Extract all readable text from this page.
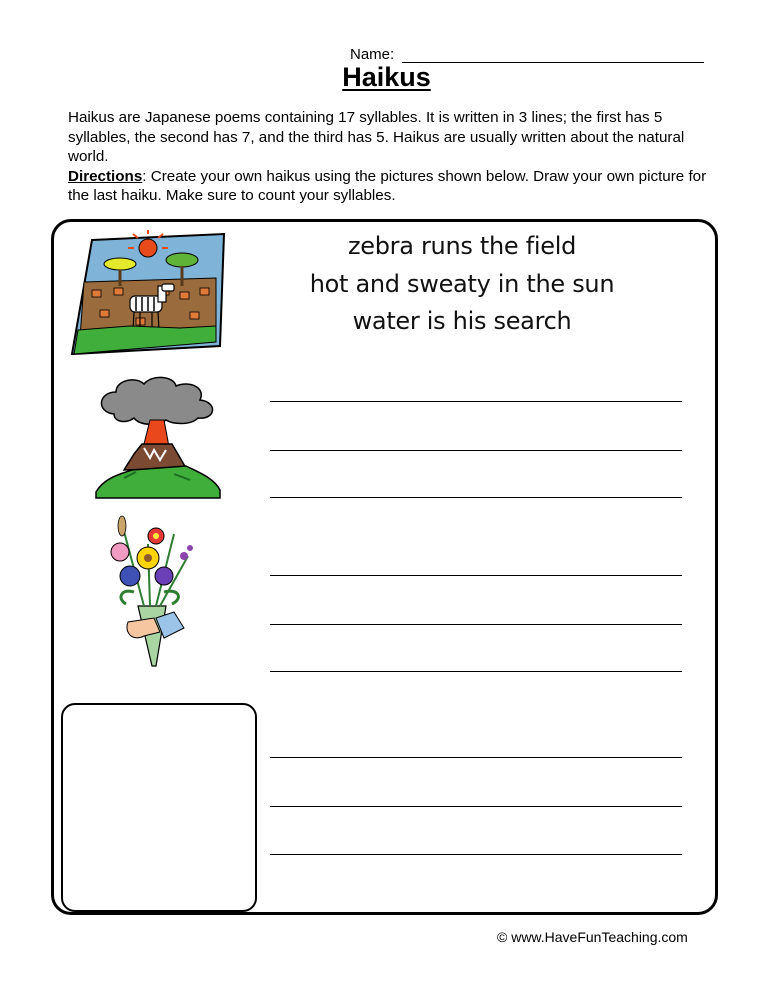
Name:
Haikus

Haikus are Japanese poems containing 17 syllables. It is written in 3 lines; the first has 5 syllables, the second has 7, and the third has 5. Haikus are usually written about the natural world.

Directions: Create your own haikus using the pictures shown below. Draw your own picture for the last haiku. Make sure to count your syllables.

zebra runs the field
hot and sweaty in the sun
water is his search
© www.HaveFunTeaching.com
